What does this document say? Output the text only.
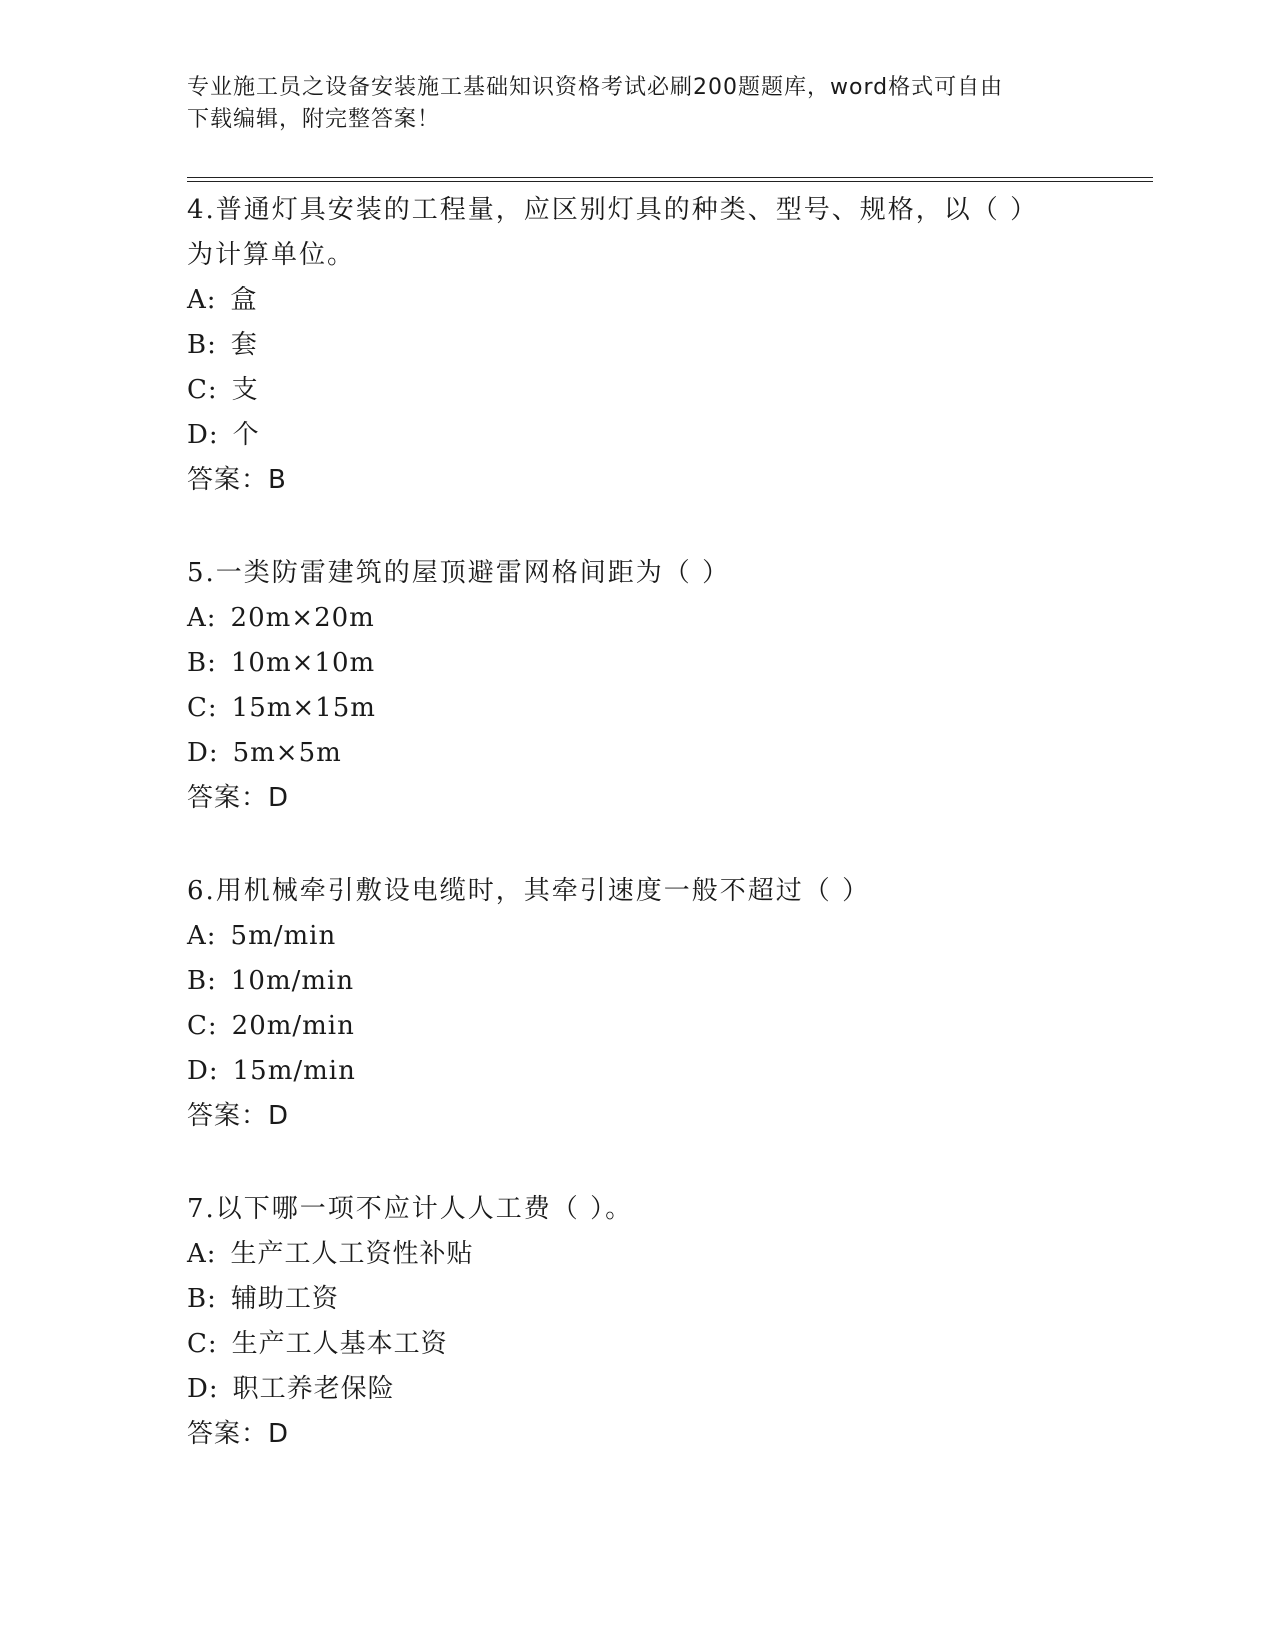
专业施工员之设备安装施工基础知识资格考试必刷200题题库，word格式可自由
下载编辑，附完整答案！
4.普通灯具安装的工程量，应区别灯具的种类、型号、规格，以（ ）
为计算单位。
A: 盒
B: 套
C: 支
D: 个
答案：B
5.一类防雷建筑的屋顶避雷网格间距为（ ）
A: 20m×20m
B: 10m×10m
C: 15m×15m
D: 5m×5m
答案：D
6.用机械牵引敷设电缆时，其牵引速度一般不超过（ ）
A: 5m/min
B: 10m/min
C: 20m/min
D: 15m/min
答案：D
7.以下哪一项不应计人人工费（ ）。
A: 生产工人工资性补贴
B: 辅助工资
C: 生产工人基本工资
D: 职工养老保险
答案：D
